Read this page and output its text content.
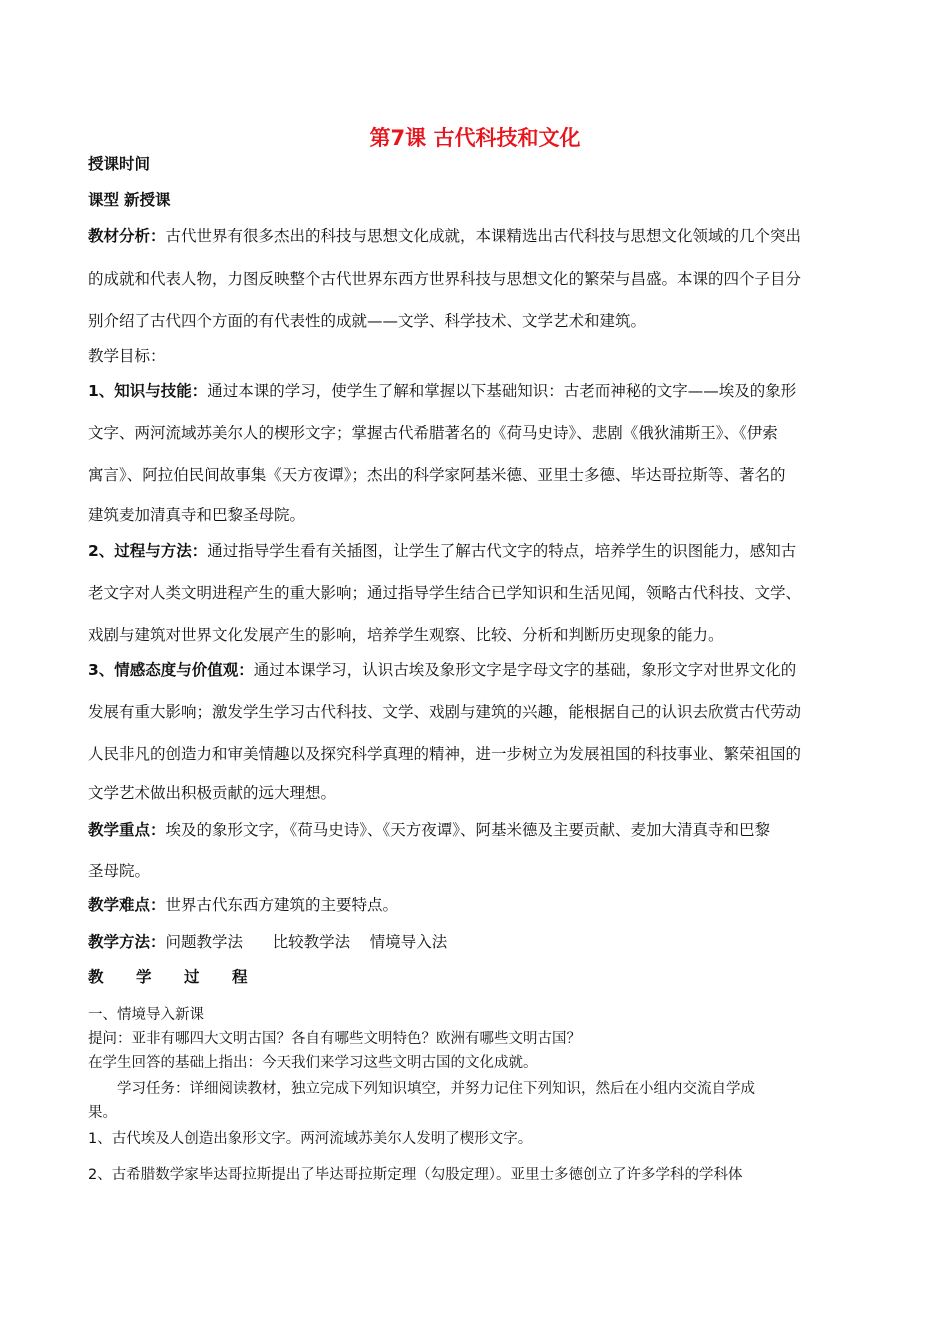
第7课 古代科技和文化
授课时间
课型 新授课
教材分析：古代世界有很多杰出的科技与思想文化成就，本课精选出古代科技与思想文化领域的几个突出
的成就和代表人物，力图反映整个古代世界东西方世界科技与思想文化的繁荣与昌盛。本课的四个子目分
别介绍了古代四个方面的有代表性的成就——文学、科学技术、文学艺术和建筑。
教学目标：
1、知识与技能：通过本课的学习，使学生了解和掌握以下基础知识：古老而神秘的文字——埃及的象形
文字、两河流域苏美尔人的楔形文字；掌握古代希腊著名的《荷马史诗》、悲剧《俄狄浦斯王》、《伊索
寓言》、阿拉伯民间故事集《天方夜谭》；杰出的科学家阿基米德、亚里士多德、毕达哥拉斯等、著名的
建筑麦加清真寺和巴黎圣母院。
2、过程与方法：通过指导学生看有关插图，让学生了解古代文字的特点，培养学生的识图能力，感知古
老文字对人类文明进程产生的重大影响；通过指导学生结合已学知识和生活见闻，领略古代科技、文学、
戏剧与建筑对世界文化发展产生的影响，培养学生观察、比较、分析和判断历史现象的能力。
3、情感态度与价值观：通过本课学习，认识古埃及象形文字是字母文字的基础，象形文字对世界文化的
发展有重大影响；激发学生学习古代科技、文学、戏剧与建筑的兴趣，能根据自己的认识去欣赏古代劳动
人民非凡的创造力和审美情趣以及探究科学真理的精神，进一步树立为发展祖国的科技事业、繁荣祖国的
文学艺术做出积极贡献的远大理想。
教学重点：埃及的象形文字，《荷马史诗》、《天方夜谭》、阿基米德及主要贡献、麦加大清真寺和巴黎
圣母院。
教学难点：世界古代东西方建筑的主要特点。
教学方法：问题教学法      比较教学法    情境导入法
教 学 过 程
一、情境导入新课
提问：亚非有哪四大文明古国？各自有哪些文明特色？欧洲有哪些文明古国？
在学生回答的基础上指出：今天我们来学习这些文明古国的文化成就。
　　学习任务：详细阅读教材，独立完成下列知识填空，并努力记住下列知识，然后在小组内交流自学成
果。
1、古代埃及人创造出象形文字。两河流域苏美尔人发明了楔形文字。
2、古希腊数学家毕达哥拉斯提出了毕达哥拉斯定理（勾股定理）。亚里士多德创立了许多学科的学科体
